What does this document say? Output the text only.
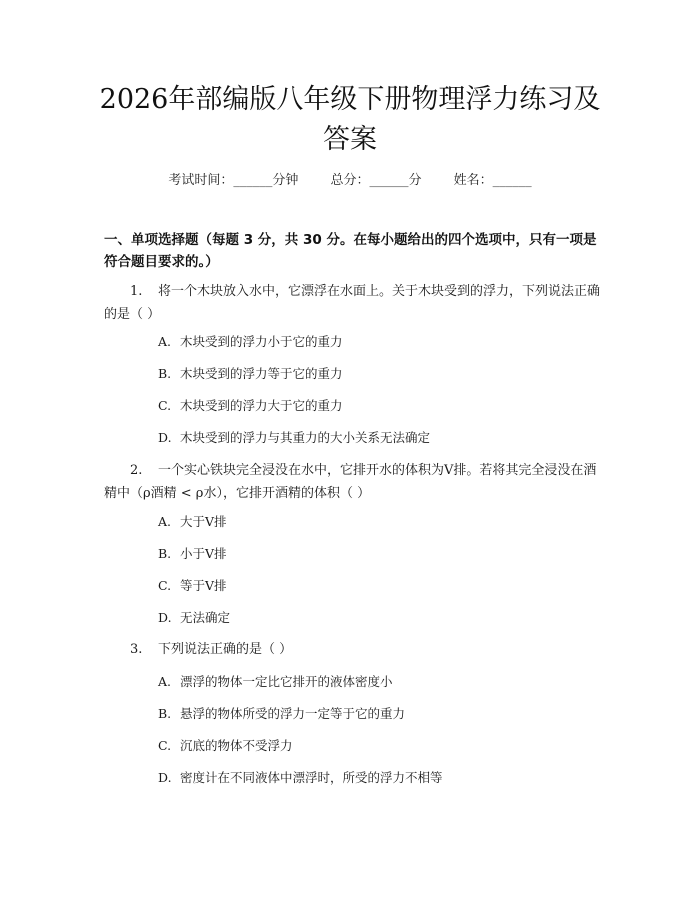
2026年部编版八年级下册物理浮力练习及答案
考试时间：______分钟 总分：______分 姓名：______
一、单项选择题（每题 3 分，共 30 分。在每小题给出的四个选项中，只有一项是符合题目要求的。）
1. 将一个木块放入水中，它漂浮在水面上。关于木块受到的浮力，下列说法正确的是（ ）
A. 木块受到的浮力小于它的重力
B. 木块受到的浮力等于它的重力
C. 木块受到的浮力大于它的重力
D. 木块受到的浮力与其重力的大小关系无法确定
2. 一个实心铁块完全浸没在水中，它排开水的体积为V排。若将其完全浸没在酒精中（ρ酒精 < ρ水），它排开酒精的体积（ ）
A. 大于V排
B. 小于V排
C. 等于V排
D. 无法确定
3. 下列说法正确的是（ ）
A. 漂浮的物体一定比它排开的液体密度小
B. 悬浮的物体所受的浮力一定等于它的重力
C. 沉底的物体不受浮力
D. 密度计在不同液体中漂浮时，所受的浮力不相等
